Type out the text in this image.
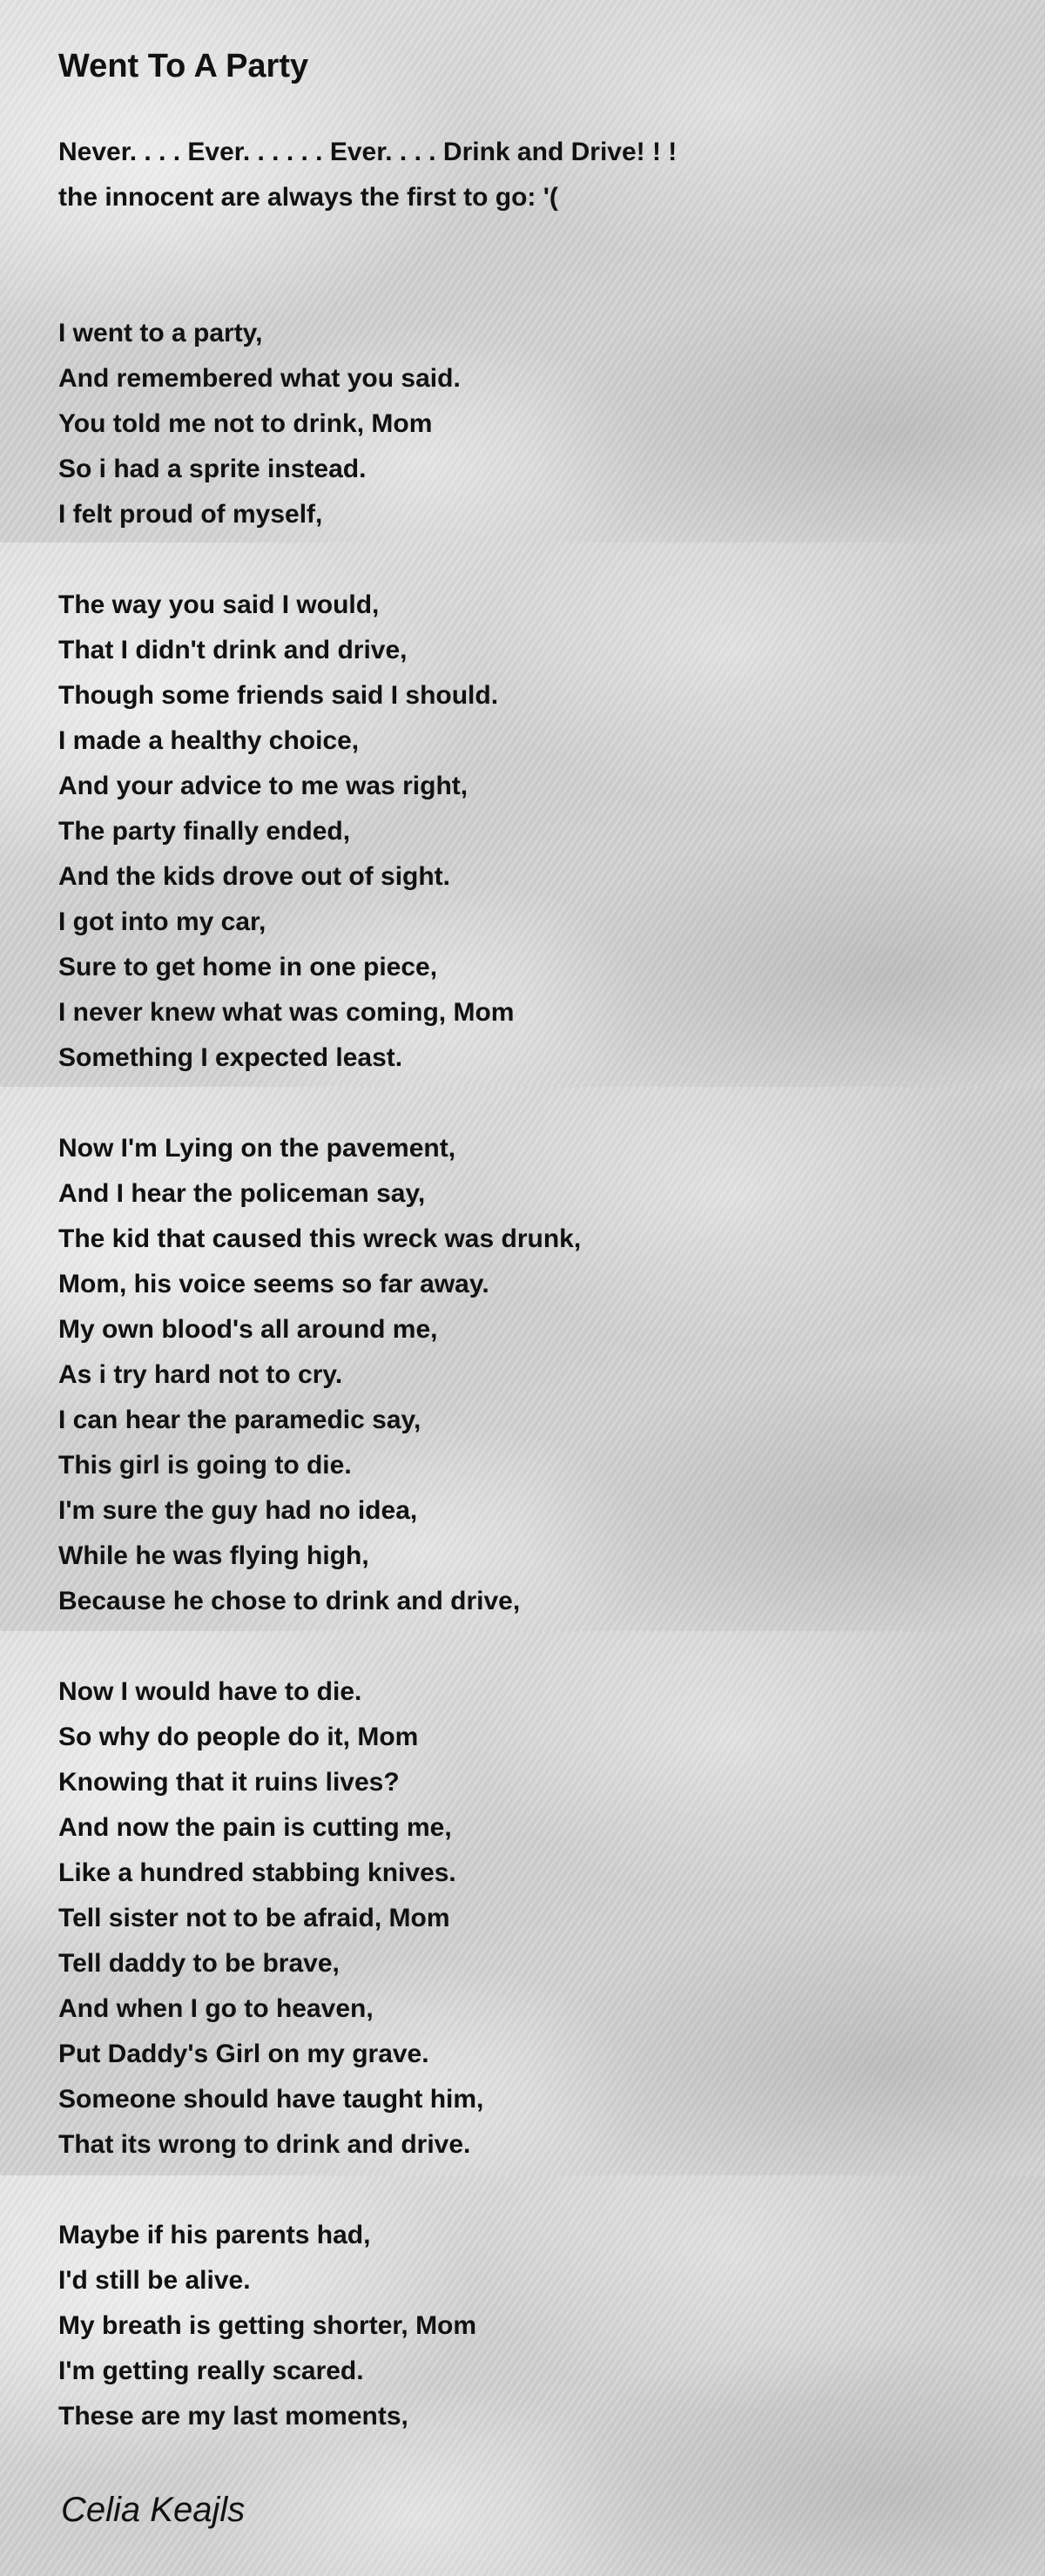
Went To A Party
Never. . . . Ever. . . . . . Ever. . . . Drink and Drive! ! !
the innocent are always the first to go: '(
I went to a party,
And remembered what you said.
You told me not to drink, Mom
So i had a sprite instead.
I felt proud of myself,
The way you said I would,
That I didn't drink and drive,
Though some friends said I should.
I made a healthy choice,
And your advice to me was right,
The party finally ended,
And the kids drove out of sight.
I got into my car,
Sure to get home in one piece,
I never knew what was coming, Mom
Something I expected least.
Now I'm Lying on the pavement,
And I hear the policeman say,
The kid that caused this wreck was drunk,
Mom, his voice seems so far away.
My own blood's all around me,
As i try hard not to cry.
I can hear the paramedic say,
This girl is going to die.
I'm sure the guy had no idea,
While he was flying high,
Because he chose to drink and drive,
Now I would have to die.
So why do people do it, Mom
Knowing that it ruins lives?
And now the pain is cutting me,
Like a hundred stabbing knives.
Tell sister not to be afraid, Mom
Tell daddy to be brave,
And when I go to heaven,
Put Daddy's Girl on my grave.
Someone should have taught him,
That its wrong to drink and drive.
Maybe if his parents had,
I'd still be alive.
My breath is getting shorter, Mom
I'm getting really scared.
These are my last moments,
Celia Keajls
